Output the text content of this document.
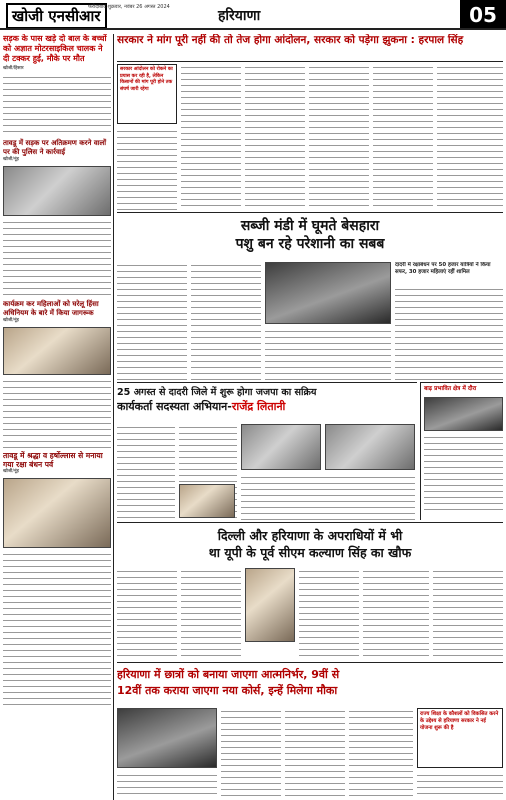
खोजी एनसीआर
फरीदाबाद शुक्रवार, नवंबर 26 अगस्त 2024
हरियाणा	05
सड़क के पास खड़े दो बाल के बच्चों को अज्ञात मोटरसाइकिल चालक ने दी टक्कर हुई, मौके पर मौत
खोजी/हिसार
तावडू में सड़क पर अतिक्रमण करने वालों पर की पुलिस ने कार्रवाई
खोजी/नूंह
कार्यक्रम कर महिलाओं को घरेलू हिंसा अधिनियम के बारे में किया जागरूक
खोजी/नूंह
तावडू में श्रद्धा व हर्षोल्लास से मनाया गया रक्षा बंधन पर्व
खोजी/नूंह
सरकार ने मांग पूरी नहीं की तो तेज होगा आंदोलन, सरकार को पड़ेगा झुकना : हरपाल सिंह
सरकार आंदोलन को रोकने का प्रयास कर रही है, लेकिन किसानों की मांग पूरी होने तक संघर्ष जारी रहेगा
सब्जी मंडी में घूमते बेसहारा
पशु बन रहे परेशानी का सबब
दादरी में रक्षाबंधन पर 50 हजार यात्रियों ने किया सफर, 30 हजार महिलाएं रहीं शामिल
25 अगस्त से दादरी जिले में शुरू होगा जजपा का सक्रिय
कार्यकर्ता सदस्यता अभियान-राजेंद्र लितानी
बाढ़ प्रभावित क्षेत्र में दौरा
दिल्ली और हरियाणा के अपराधियों में भी
था यूपी के पूर्व सीएम कल्याण सिंह का खौफ
हरियाणा में छात्रों को बनाया जाएगा आत्मनिर्भर, 9वीं से
12वीं तक कराया जाएगा नया कोर्स, इन्हें मिलेगा मौका
राज्य शिक्षा के कौशलों को विकसित करने के उद्देश्य से हरियाणा सरकार ने नई योजना शुरू की है
